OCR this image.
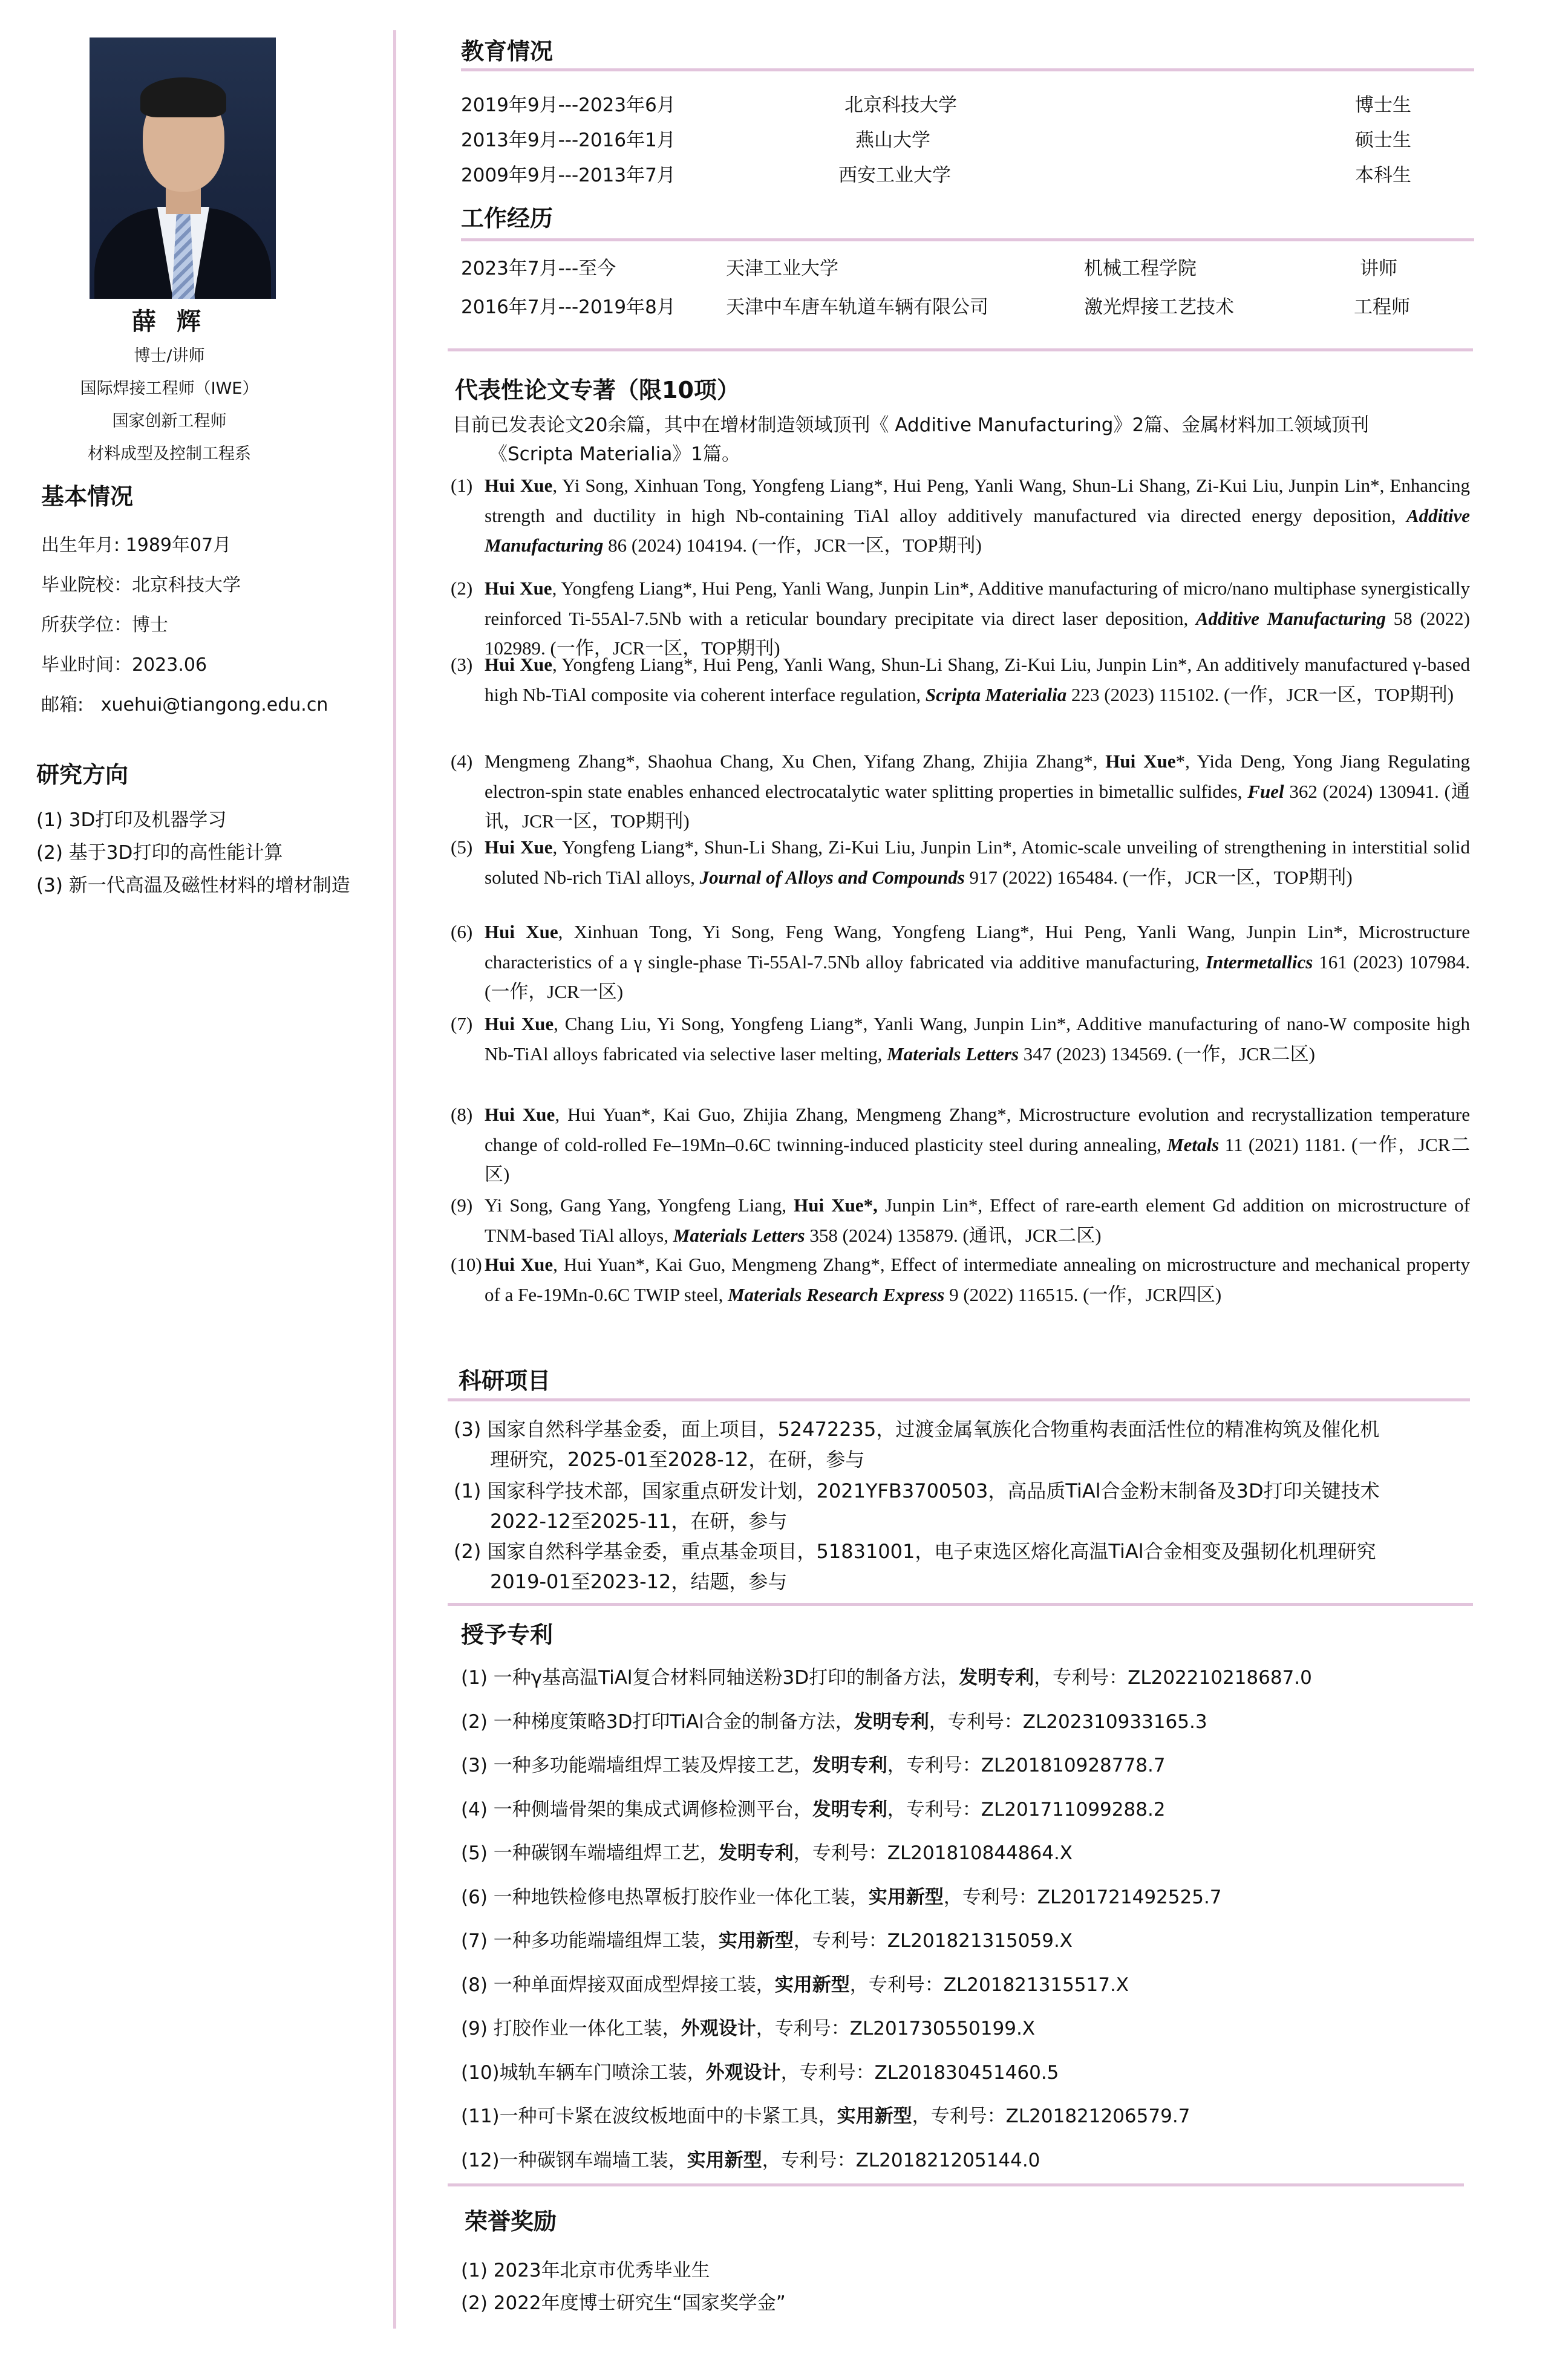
薛 辉
博士/讲师
国际焊接工程师（IWE）
国家创新工程师
材料成型及控制工程系
基本情况
出生年月: 1989年07月
毕业院校：北京科技大学
所获学位：博士
毕业时间：2023.06
邮箱:   xuehui@tiangong.edu.cn
研究方向
(1) 3D打印及机器学习
(2) 基于3D打印的高性能计算
(3) 新一代高温及磁性材料的增材制造
教育情况
2019年9月---2023年6月	北京科技大学	博士生
2013年9月---2016年1月	燕山大学	硕士生
2009年9月---2013年7月	西安工业大学	本科生
工作经历
2023年7月---至今	天津工业大学	机械工程学院	讲师
2016年7月---2019年8月	天津中车唐车轨道车辆有限公司	激光焊接工艺技术	工程师
代表性论文专著（限10项）
目前已发表论文20余篇，其中在增材制造领域顶刊《 Additive Manufacturing》2篇、金属材料加工领域顶刊
《Scripta Materialia》1篇。
(1) Hui Xue, Yi Song, Xinhuan Tong, Yongfeng Liang*, Hui Peng, Yanli Wang, Shun-Li Shang, Zi-Kui Liu, Junpin Lin*, Enhancing strength and ductility in high Nb-containing TiAl alloy additively manufactured via directed energy deposition, Additive Manufacturing 86 (2024) 104194. (一作，JCR一区，TOP期刊)
(2) Hui Xue, Yongfeng Liang*, Hui Peng, Yanli Wang, Junpin Lin*, Additive manufacturing of micro/nano multiphase synergistically reinforced Ti-55Al-7.5Nb with a reticular boundary precipitate via direct laser deposition, Additive Manufacturing 58 (2022) 102989. (一作，JCR一区，TOP期刊)
(3) Hui Xue, Yongfeng Liang*, Hui Peng, Yanli Wang, Shun-Li Shang, Zi-Kui Liu, Junpin Lin*, An additively manufactured γ-based high Nb-TiAl composite via coherent interface regulation, Scripta Materialia 223 (2023) 115102. (一作，JCR一区，TOP期刊)
(4) Mengmeng Zhang*, Shaohua Chang, Xu Chen, Yifang Zhang, Zhijia Zhang*, Hui Xue*, Yida Deng, Yong Jiang Regulating electron-spin state enables enhanced electrocatalytic water splitting properties in bimetallic sulfides, Fuel 362 (2024) 130941. (通讯，JCR一区，TOP期刊)
(5) Hui Xue, Yongfeng Liang*, Shun-Li Shang, Zi-Kui Liu, Junpin Lin*, Atomic-scale unveiling of strengthening in interstitial solid soluted Nb-rich TiAl alloys, Journal of Alloys and Compounds 917 (2022) 165484. (一作，JCR一区，TOP期刊)
(6) Hui Xue, Xinhuan Tong, Yi Song, Feng Wang, Yongfeng Liang*, Hui Peng, Yanli Wang, Junpin Lin*, Microstructure characteristics of a γ single-phase Ti-55Al-7.5Nb alloy fabricated via additive manufacturing, Intermetallics 161 (2023) 107984. (一作，JCR一区)
(7) Hui Xue, Chang Liu, Yi Song, Yongfeng Liang*, Yanli Wang, Junpin Lin*, Additive manufacturing of nano-W composite high Nb-TiAl alloys fabricated via selective laser melting, Materials Letters 347 (2023) 134569. (一作，JCR二区)
(8) Hui Xue, Hui Yuan*, Kai Guo, Zhijia Zhang, Mengmeng Zhang*, Microstructure evolution and recrystallization temperature change of cold-rolled Fe–19Mn–0.6C twinning-induced plasticity steel during annealing, Metals 11 (2021) 1181. (一作，JCR二区)
(9) Yi Song, Gang Yang, Yongfeng Liang, Hui Xue*, Junpin Lin*, Effect of rare-earth element Gd addition on microstructure of TNM-based TiAl alloys, Materials Letters 358 (2024) 135879. (通讯，JCR二区)
(10) Hui Xue, Hui Yuan*, Kai Guo, Mengmeng Zhang*, Effect of intermediate annealing on microstructure and mechanical property of a Fe-19Mn-0.6C TWIP steel, Materials Research Express 9 (2022) 116515. (一作，JCR四区)
科研项目
(3) 国家自然科学基金委，面上项目，52472235，过渡金属氧族化合物重构表面活性位的精准构筑及催化机
理研究，2025-01至2028-12，在研，参与
(1) 国家科学技术部，国家重点研发计划，2021YFB3700503，高品质TiAl合金粉末制备及3D打印关键技术
2022-12至2025-11，在研，参与
(2) 国家自然科学基金委，重点基金项目，51831001，电子束选区熔化高温TiAl合金相变及强韧化机理研究
2019-01至2023-12，结题，参与
授予专利
(1) 一种γ基高温TiAl复合材料同轴送粉3D打印的制备方法，发明专利，专利号：ZL202210218687.0
(2) 一种梯度策略3D打印TiAl合金的制备方法，发明专利，专利号：ZL202310933165.3
(3) 一种多功能端墙组焊工装及焊接工艺，发明专利，专利号：ZL201810928778.7
(4) 一种侧墙骨架的集成式调修检测平台，发明专利，专利号：ZL201711099288.2
(5) 一种碳钢车端墙组焊工艺，发明专利，专利号：ZL201810844864.X
(6) 一种地铁检修电热罩板打胶作业一体化工装，实用新型，专利号：ZL201721492525.7
(7) 一种多功能端墙组焊工装，实用新型，专利号：ZL201821315059.X
(8) 一种单面焊接双面成型焊接工装，实用新型，专利号：ZL201821315517.X
(9) 打胶作业一体化工装，外观设计，专利号：ZL201730550199.X
(10)城轨车辆车门喷涂工装，外观设计，专利号：ZL201830451460.5
(11)一种可卡紧在波纹板地面中的卡紧工具，实用新型，专利号：ZL201821206579.7
(12)一种碳钢车端墙工装，实用新型，专利号：ZL201821205144.0
荣誉奖励
(1) 2023年北京市优秀毕业生
(2) 2022年度博士研究生“国家奖学金”
